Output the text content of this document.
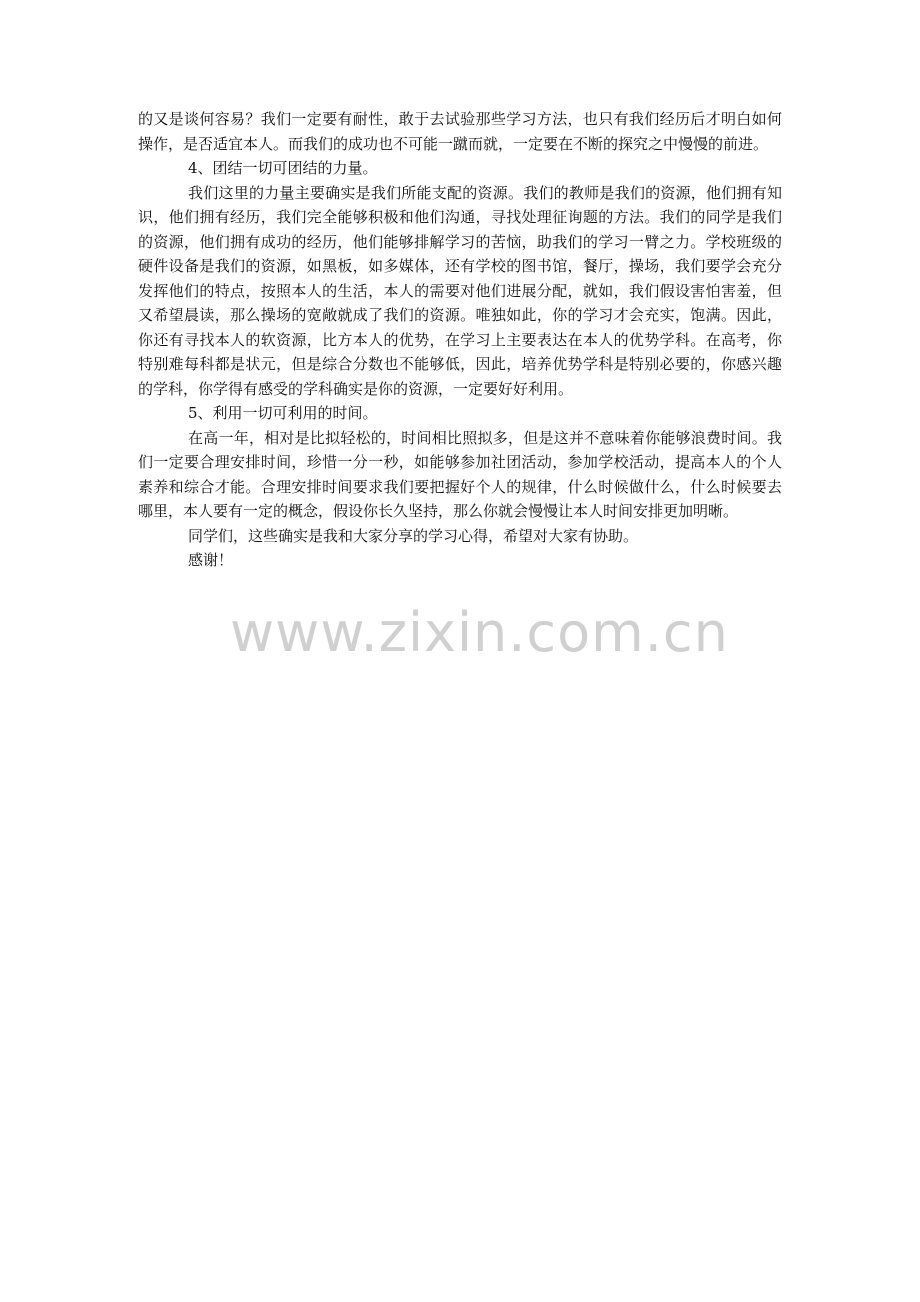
的又是谈何容易？我们一定要有耐性，敢于去试验那些学习方法，也只有我们经历后才明白如何操作，是否适宜本人。而我们的成功也不可能一蹴而就，一定要在不断的探究之中慢慢的前进。

4、团结一切可团结的力量。

我们这里的力量主要确实是我们所能支配的资源。我们的教师是我们的资源，他们拥有知识，他们拥有经历，我们完全能够积极和他们沟通，寻找处理征询题的方法。我们的同学是我们的资源，他们拥有成功的经历，他们能够排解学习的苦恼，助我们的学习一臂之力。学校班级的硬件设备是我们的资源，如黑板，如多媒体，还有学校的图书馆，餐厅，操场，我们要学会充分发挥他们的特点，按照本人的生活，本人的需要对他们进展分配，就如，我们假设害怕害羞，但又希望晨读，那么操场的宽敞就成了我们的资源。唯独如此，你的学习才会充实，饱满。因此，你还有寻找本人的软资源，比方本人的优势，在学习上主要表达在本人的优势学科。在高考，你特别难每科都是状元，但是综合分数也不能够低，因此，培养优势学科是特别必要的，你感兴趣的学科，你学得有感受的学科确实是你的资源，一定要好好利用。

5、利用一切可利用的时间。

在高一年，相对是比拟轻松的，时间相比照拟多，但是这并不意味着你能够浪费时间。我们一定要合理安排时间，珍惜一分一秒，如能够参加社团活动，参加学校活动，提高本人的个人素养和综合才能。合理安排时间要求我们要把握好个人的规律，什么时候做什么，什么时候要去哪里，本人要有一定的概念，假设你长久坚持，那么你就会慢慢让本人时间安排更加明晰。

同学们，这些确实是我和大家分享的学习心得，希望对大家有协助。

感谢！

www.zixin.com.cn
